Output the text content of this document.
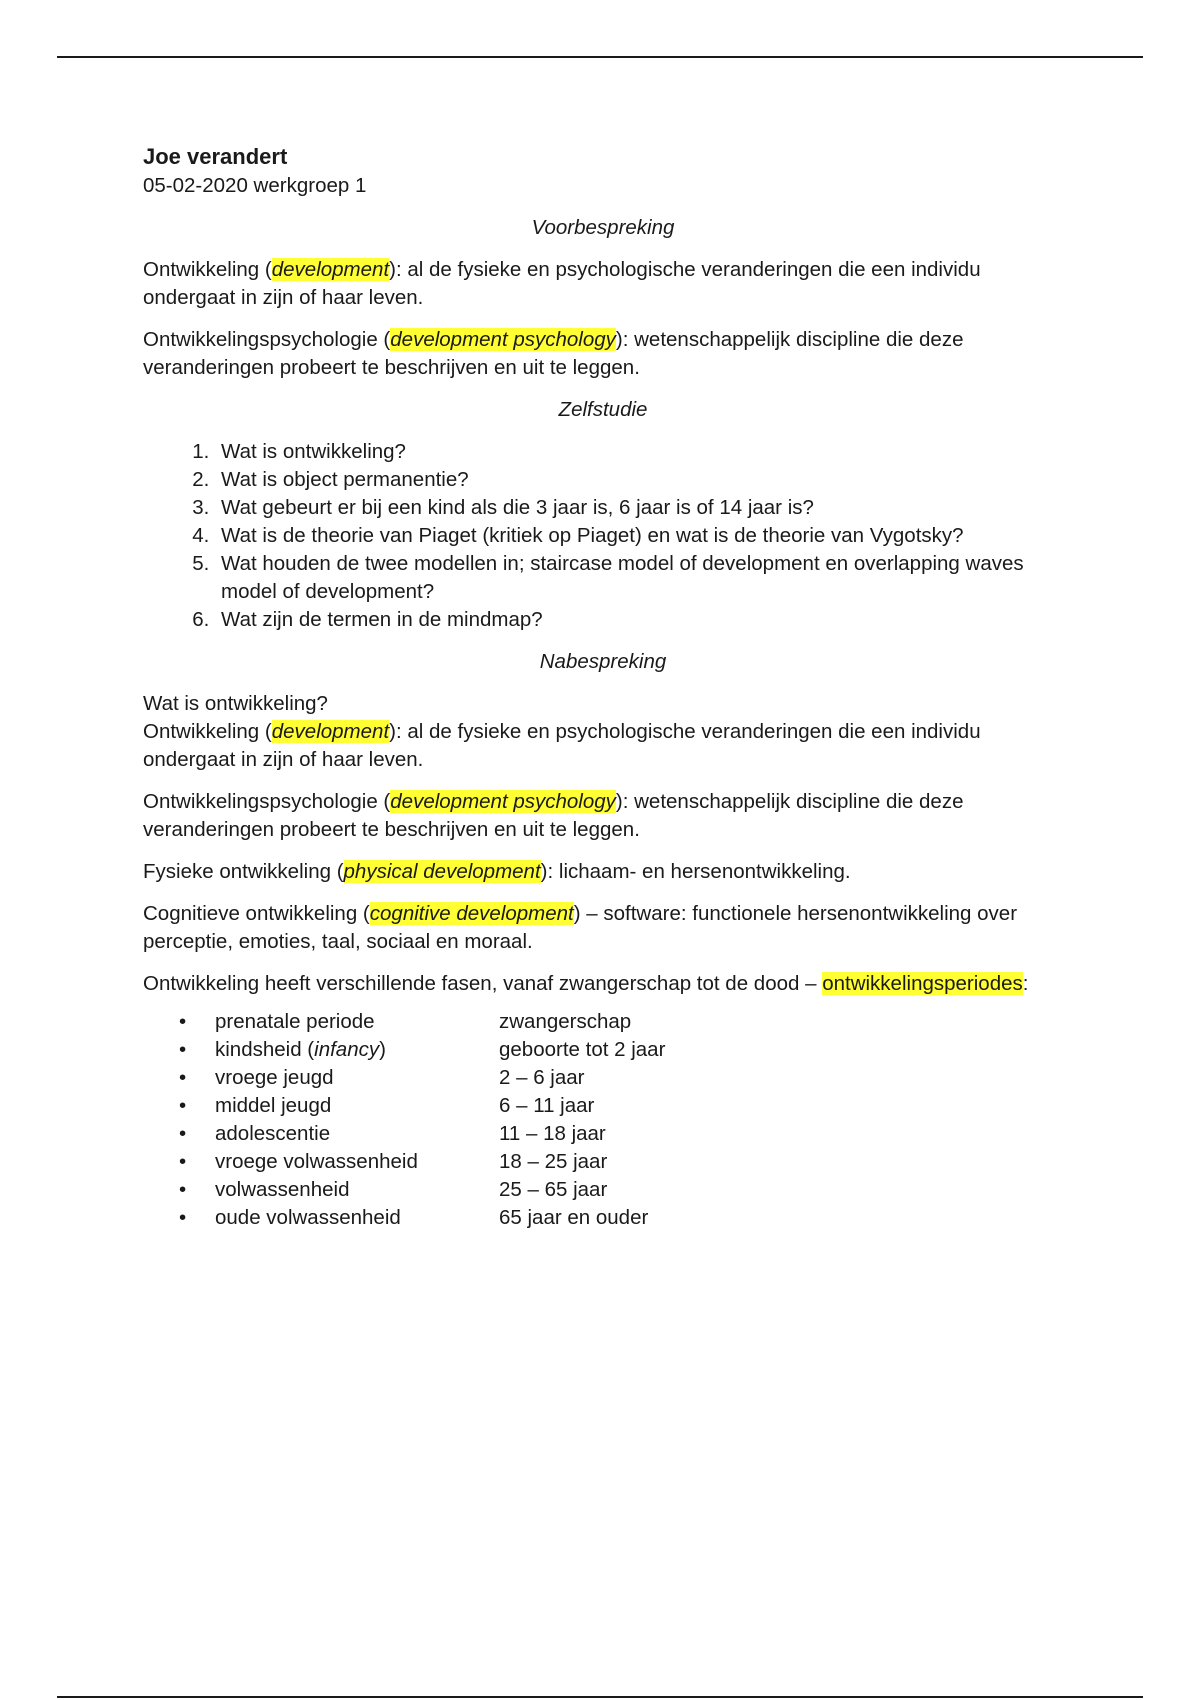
Joe verandert

05-02-2020 werkgroep 1

Voorbespreking

Ontwikkeling (development): al de fysieke en psychologische veranderingen die een individu ondergaat in zijn of haar leven.

Ontwikkelingspsychologie (development psychology): wetenschappelijk discipline die deze veranderingen probeert te beschrijven en uit te leggen.

Zelfstudie

1. Wat is ontwikkeling?
2. Wat is object permanentie?
3. Wat gebeurt er bij een kind als die 3 jaar is, 6 jaar is of 14 jaar is?
4. Wat is de theorie van Piaget (kritiek op Piaget) en wat is de theorie van Vygotsky?
5. Wat houden de twee modellen in; staircase model of development en overlapping waves model of development?
6. Wat zijn de termen in de mindmap?

Nabespreking

Wat is ontwikkeling?

Ontwikkeling (development): al de fysieke en psychologische veranderingen die een individu ondergaat in zijn of haar leven.

Ontwikkelingspsychologie (development psychology): wetenschappelijk discipline die deze veranderingen probeert te beschrijven en uit te leggen.

Fysieke ontwikkeling (physical development): lichaam- en hersenontwikkeling.

Cognitieve ontwikkeling (cognitive development) – software: functionele hersenontwikkeling over perceptie, emoties, taal, sociaal en moraal.

Ontwikkeling heeft verschillende fasen, vanaf zwangerschap tot de dood – ontwikkelingsperiodes:

•	prenatale periode	zwangerschap
•	kindsheid (infancy)	geboorte tot 2 jaar
•	vroege jeugd	2 – 6 jaar
•	middel jeugd	6 – 11 jaar
•	adolescentie	11 – 18 jaar
•	vroege volwassenheid	18 – 25 jaar
•	volwassenheid	25 – 65 jaar
•	oude volwassenheid	65 jaar en ouder
